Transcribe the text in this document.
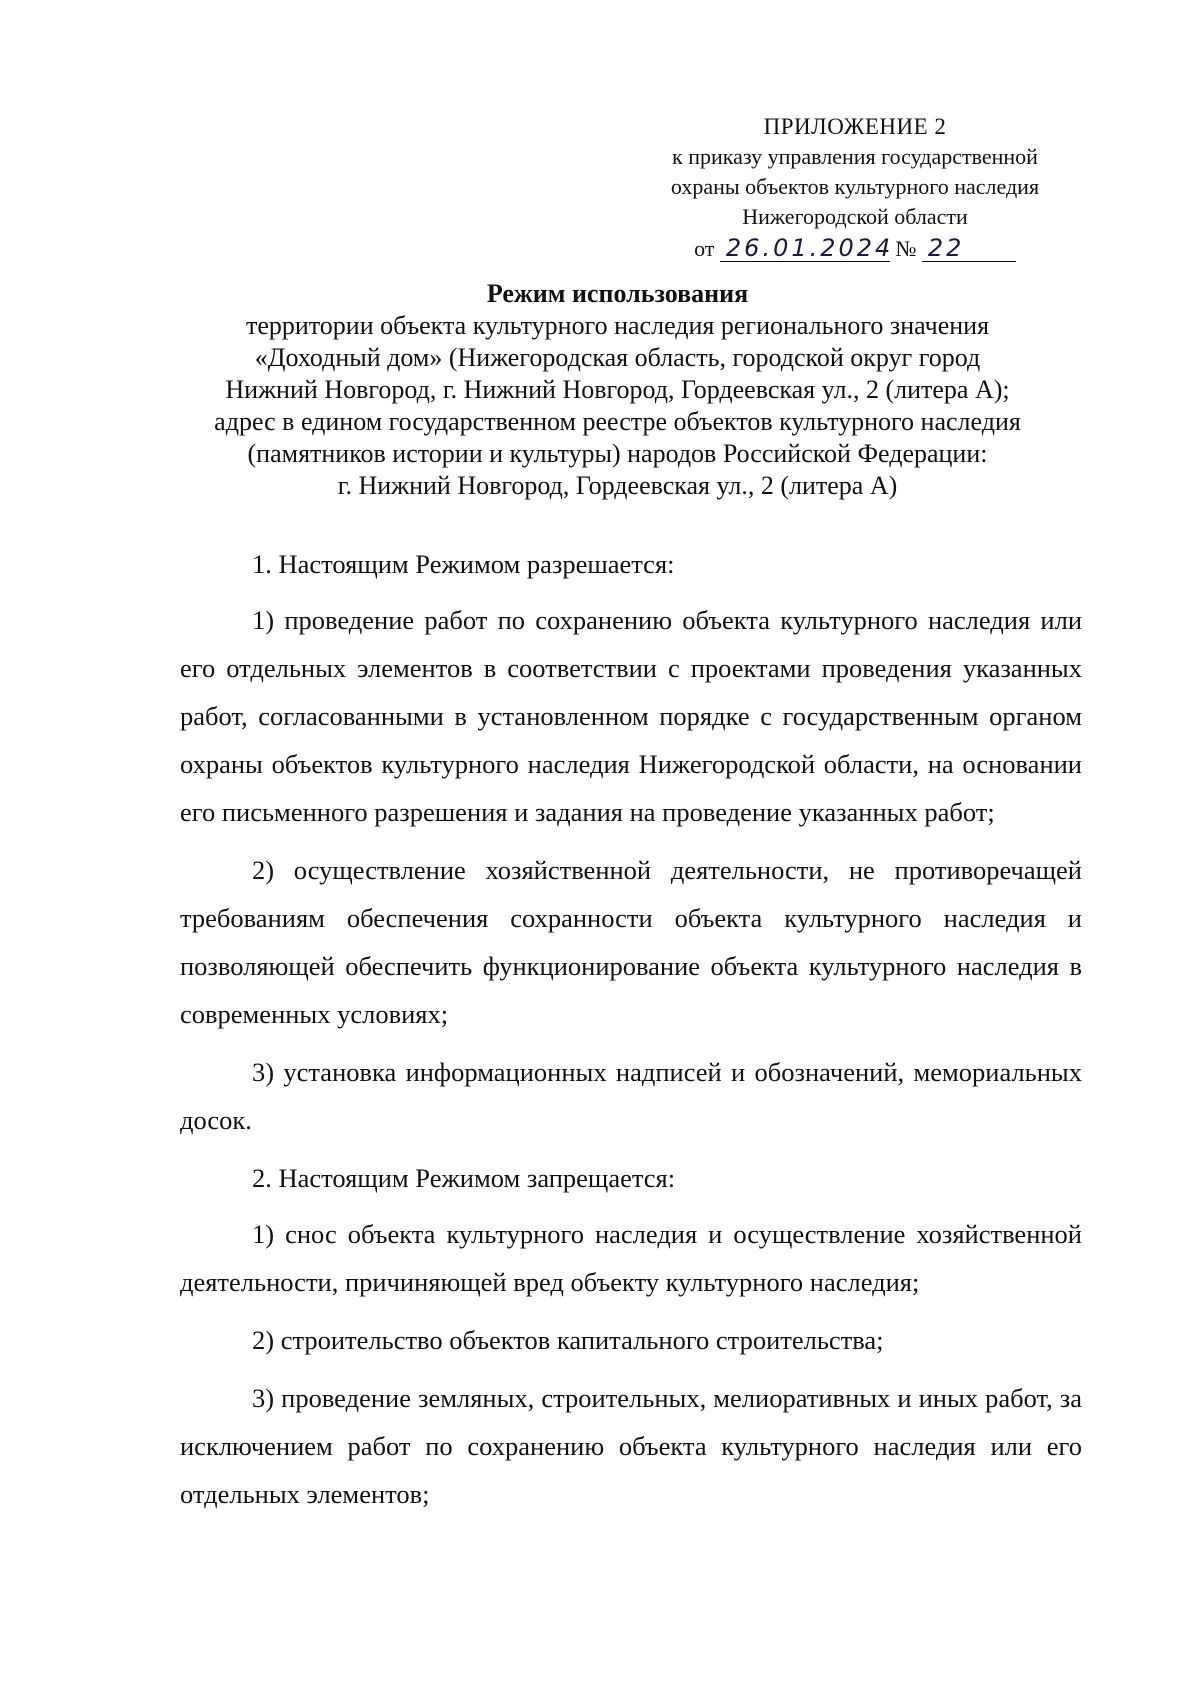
ПРИЛОЖЕНИЕ 2
к приказу управления государственной
охраны объектов культурного наследия
Нижегородской области
от 26.01.2024 № 22
Режим использования
территории объекта культурного наследия регионального значения
«Доходный дом» (Нижегородская область, городской округ город
Нижний Новгород, г. Нижний Новгород, Гордеевская ул., 2 (литера А);
адрес в едином государственном реестре объектов культурного наследия
(памятников истории и культуры) народов Российской Федерации:
г. Нижний Новгород, Гордеевская ул., 2 (литера А)

1. Настоящим Режимом разрешается:

1) проведение работ по сохранению объекта культурного наследия или его отдельных элементов в соответствии с проектами проведения указанных работ, согласованными в установленном порядке с государственным органом охраны объектов культурного наследия Нижегородской области, на основании его письменного разрешения и задания на проведение указанных работ;

2) осуществление хозяйственной деятельности, не противоречащей требованиям обеспечения сохранности объекта культурного наследия и позволяющей обеспечить функционирование объекта культурного наследия в современных условиях;

3) установка информационных надписей и обозначений, мемориальных досок.

2. Настоящим Режимом запрещается:

1) снос объекта культурного наследия и осуществление хозяйственной деятельности, причиняющей вред объекту культурного наследия;

2) строительство объектов капитального строительства;

3) проведение земляных, строительных, мелиоративных и иных работ, за исключением работ по сохранению объекта культурного наследия или его отдельных элементов;
